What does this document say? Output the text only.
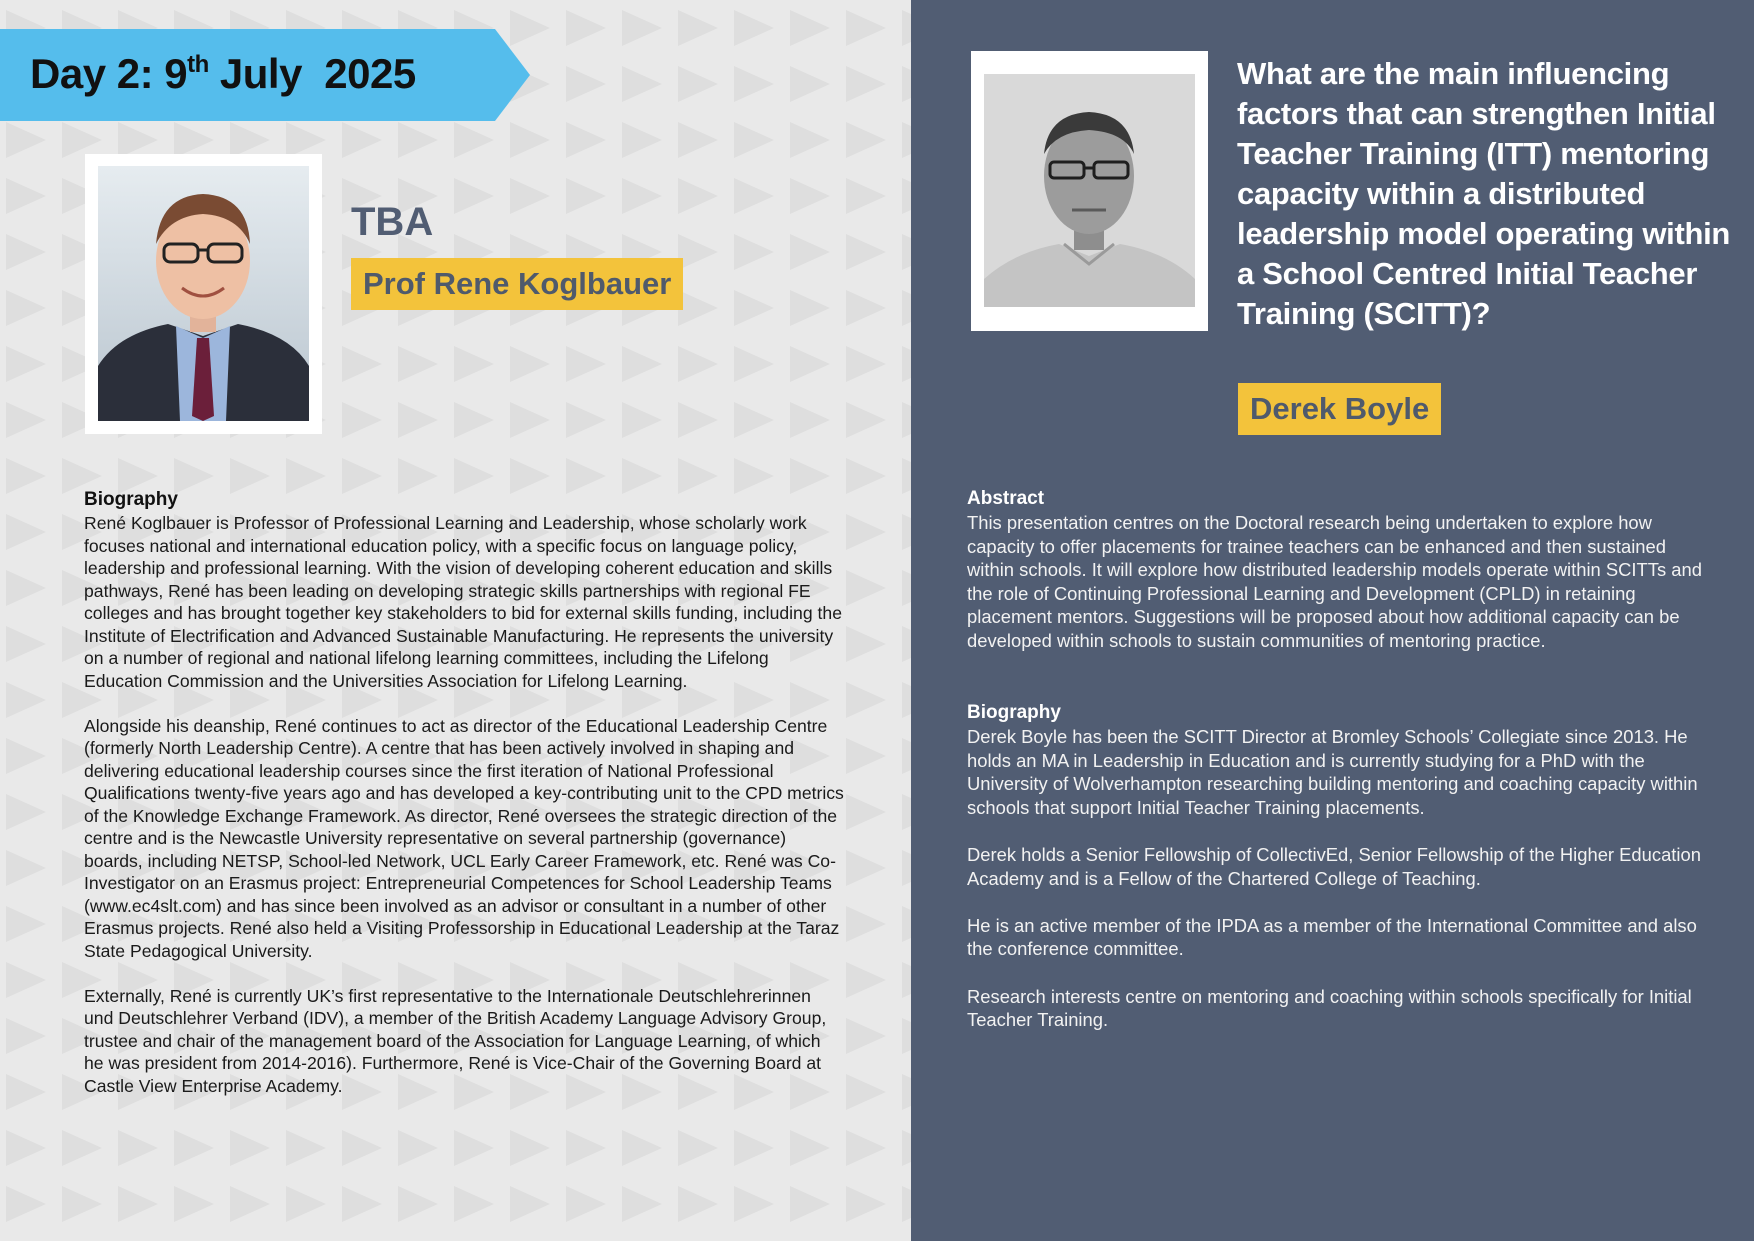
Day 2: 9th July  2025
TBA
Prof Rene Koglbauer
Biography

René Koglbauer is Professor of Professional Learning and Leadership, whose scholarly work focuses national and international education policy, with a specific focus on language policy, leadership and professional learning. With the vision of developing coherent education and skills pathways, René has been leading on developing strategic skills partnerships with regional FE colleges and has brought together key stakeholders to bid for external skills funding, including the Institute of Electrification and Advanced Sustainable Manufacturing. He represents the university on a number of regional and national lifelong learning committees, including the Lifelong Education Commission and the Universities Association for Lifelong Learning.

Alongside his deanship, René continues to act as director of the Educational Leadership Centre (formerly North Leadership Centre). A centre that has been actively involved in shaping and delivering educational leadership courses since the first iteration of National Professional Qualifications twenty-five years ago and has developed a key-contributing unit to the CPD metrics of the Knowledge Exchange Framework. As director, René oversees the strategic direction of the centre and is the Newcastle University representative on several partnership (governance) boards, including NETSP, School-led Network, UCL Early Career Framework, etc. René was Co-Investigator on an Erasmus project: Entrepreneurial Competences for School Leadership Teams (www.ec4slt.com) and has since been involved as an advisor or consultant in a number of other Erasmus projects. René also held a Visiting Professorship in Educational Leadership at the Taraz State Pedagogical University.

Externally, René is currently UK’s first representative to the Internationale Deutschlehrerinnen und Deutschlehrer Verband (IDV), a member of the British Academy Language Advisory Group, trustee and chair of the management board of the Association for Language Learning, of which he was president from 2014-2016). Furthermore, René is Vice-Chair of the Governing Board at Castle View Enterprise Academy.

What are the main influencing factors that can strengthen Initial Teacher Training (ITT) mentoring capacity within a distributed leadership model operating within a School Centred Initial Teacher Training (SCITT)?
Derek Boyle
Abstract
This presentation centres on the Doctoral research being undertaken to explore how capacity to offer placements for trainee teachers can be enhanced and then sustained within schools. It will explore how distributed leadership models operate within SCITTs and the role of Continuing Professional Learning and Development (CPLD) in retaining placement mentors. Suggestions will be proposed about how additional capacity can be developed within schools to sustain communities of mentoring practice.
Biography

Derek Boyle has been the SCITT Director at Bromley Schools’ Collegiate since 2013. He holds an MA in Leadership in Education and is currently studying for a PhD with the University of Wolverhampton researching building mentoring and coaching capacity within schools that support Initial Teacher Training placements.

Derek holds a Senior Fellowship of CollectivEd, Senior Fellowship of the Higher Education Academy and is a Fellow of the Chartered College of Teaching.

He is an active member of the IPDA as a member of the International Committee and also the conference committee.

Research interests centre on mentoring and coaching within schools specifically for Initial Teacher Training.
